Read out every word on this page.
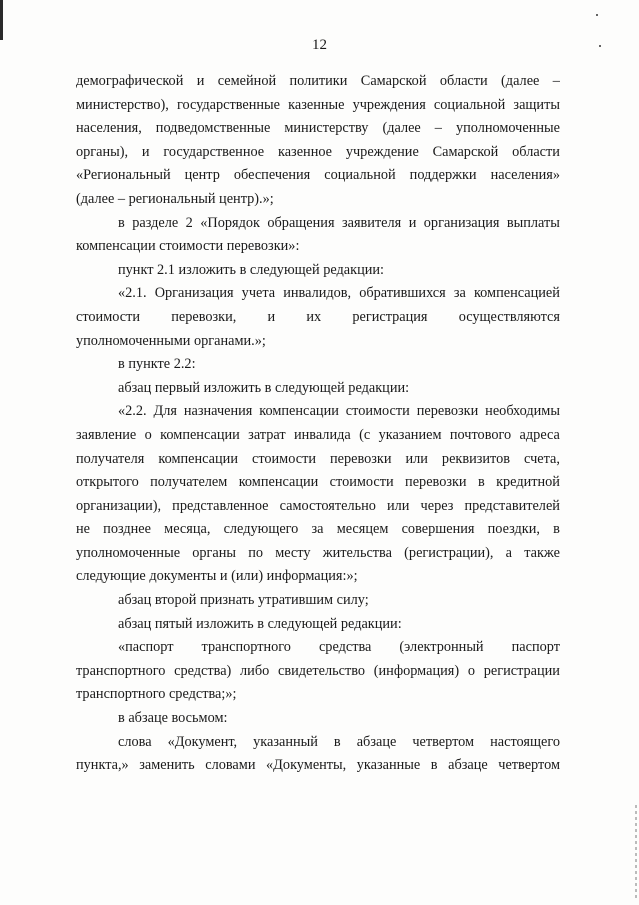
12
демографической и семейной политики Самарской области (далее –
министерство), государственные казенные учреждения социальной защиты
населения, подведомственные министерству (далее – уполномоченные
органы), и государственное казенное учреждение Самарской области
«Региональный центр обеспечения социальной поддержки населения»
(далее – региональный центр).»;
в разделе 2 «Порядок обращения заявителя и организация выплаты
компенсации стоимости перевозки»:
пункт 2.1 изложить в следующей редакции:
«2.1. Организация учета инвалидов, обратившихся за компенсацией
стоимости перевозки, и их регистрация осуществляются
уполномоченными органами.»;
в пункте 2.2:
абзац первый изложить в следующей редакции:
«2.2. Для назначения компенсации стоимости перевозки необходимы
заявление о компенсации затрат инвалида (с указанием почтового адреса
получателя компенсации стоимости перевозки или реквизитов счета,
открытого получателем компенсации стоимости перевозки в кредитной
организации), представленное самостоятельно или через представителей
не позднее месяца, следующего за месяцем совершения поездки, в
уполномоченные органы по месту жительства (регистрации), а также
следующие документы и (или) информация:»;
абзац второй признать утратившим силу;
абзац пятый изложить в следующей редакции:
«паспорт транспортного средства (электронный паспорт
транспортного средства) либо свидетельство (информация) о регистрации
транспортного средства;»;
в абзаце восьмом:
слова «Документ, указанный в абзаце четвертом настоящего
пункта,» заменить словами «Документы, указанные в абзаце четвертом
